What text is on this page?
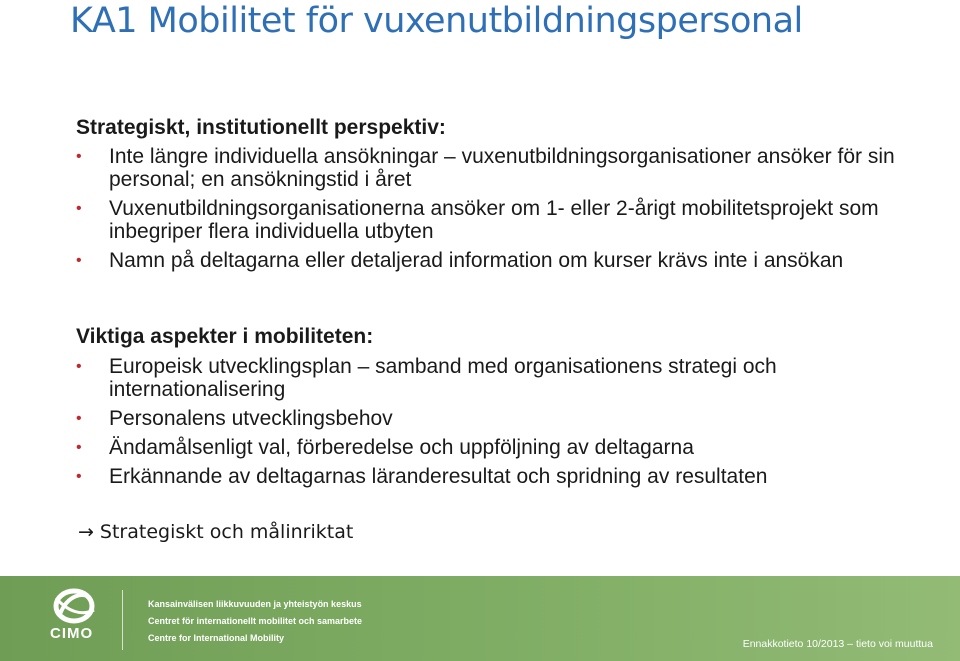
KA1 Mobilitet för vuxenutbildningspersonal
Strategiskt, institutionellt perspektiv:
• Inte längre individuella ansökningar – vuxenutbildningsorganisationer ansöker för sin personal; en ansökningstid i året
• Vuxenutbildningsorganisationerna ansöker om 1- eller 2-årigt mobilitetsprojekt som inbegriper flera individuella utbyten
• Namn på deltagarna eller detaljerad information om kurser krävs inte i ansökan
Viktiga aspekter i mobiliteten:
• Europeisk utvecklingsplan – samband med organisationens strategi och internationalisering
• Personalens utvecklingsbehov
• Ändamålsenligt val, förberedelse och uppföljning av deltagarna
• Erkännande av deltagarnas läranderesultat och spridning av resultaten
→ Strategiskt och målinriktat
CIMO
Kansainvälisen liikkuvuuden ja yhteistyön keskus
Centret för internationellt mobilitet och samarbete
Centre for International Mobility	Ennakkotieto 10/2013 – tieto voi muuttua
